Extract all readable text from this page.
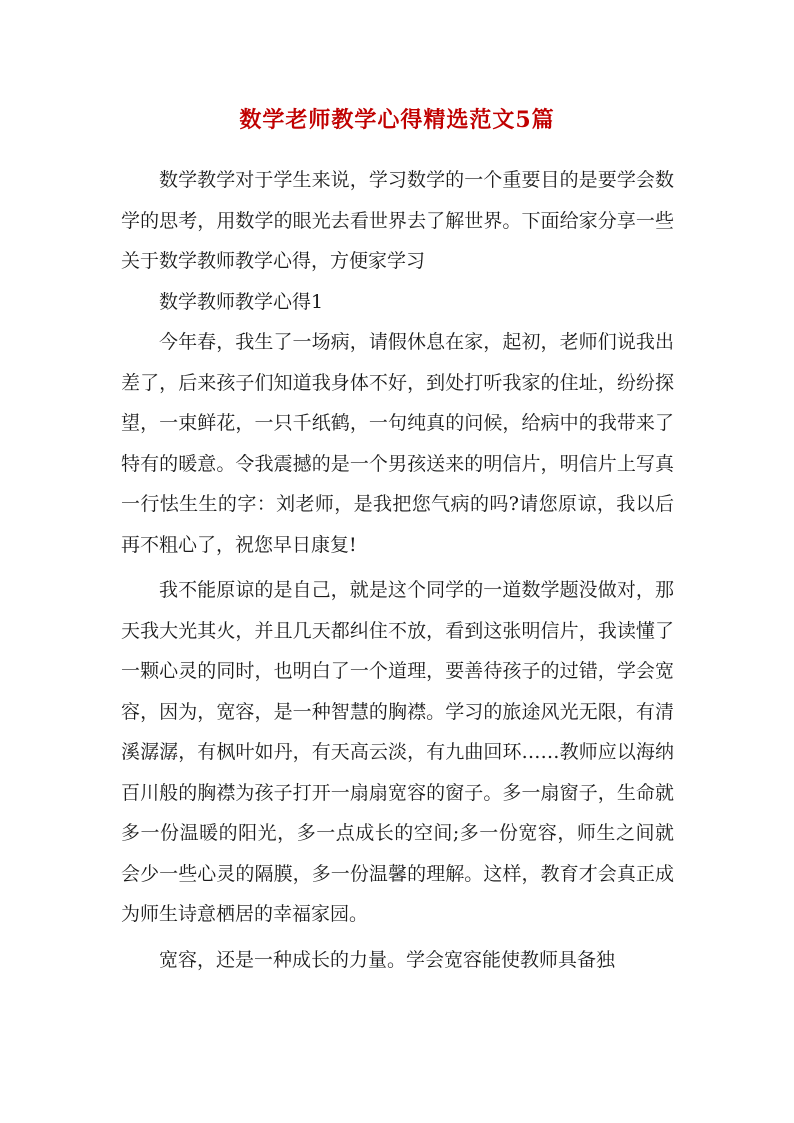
数学老师教学心得精选范文5篇

数学教学对于学生来说，学习数学的一个重要目的是要学会数学的思考，用数学的眼光去看世界去了解世界。下面给家分享一些关于数学教师教学心得，方便家学习

数学教师教学心得1

今年春，我生了一场病，请假休息在家，起初，老师们说我出差了，后来孩子们知道我身体不好，到处打听我家的住址，纷纷探望，一束鲜花，一只千纸鹤，一句纯真的问候，给病中的我带来了特有的暖意。令我震撼的是一个男孩送来的明信片，明信片上写真一行怯生生的字：刘老师，是我把您气病的吗?请您原谅，我以后再不粗心了，祝您早日康复!

我不能原谅的是自己，就是这个同学的一道数学题没做对，那天我大光其火，并且几天都纠住不放，看到这张明信片，我读懂了一颗心灵的同时，也明白了一个道理，要善待孩子的过错，学会宽容，因为，宽容，是一种智慧的胸襟。学习的旅途风光无限，有清溪潺潺，有枫叶如丹，有天高云淡，有九曲回环……教师应以海纳百川般的胸襟为孩子打开一扇扇宽容的窗子。多一扇窗子，生命就多一份温暖的阳光，多一点成长的空间;多一份宽容，师生之间就会少一些心灵的隔膜，多一份温馨的理解。这样，教育才会真正成为师生诗意栖居的幸福家园。

宽容，还是一种成长的力量。学会宽容能使教师具备独
